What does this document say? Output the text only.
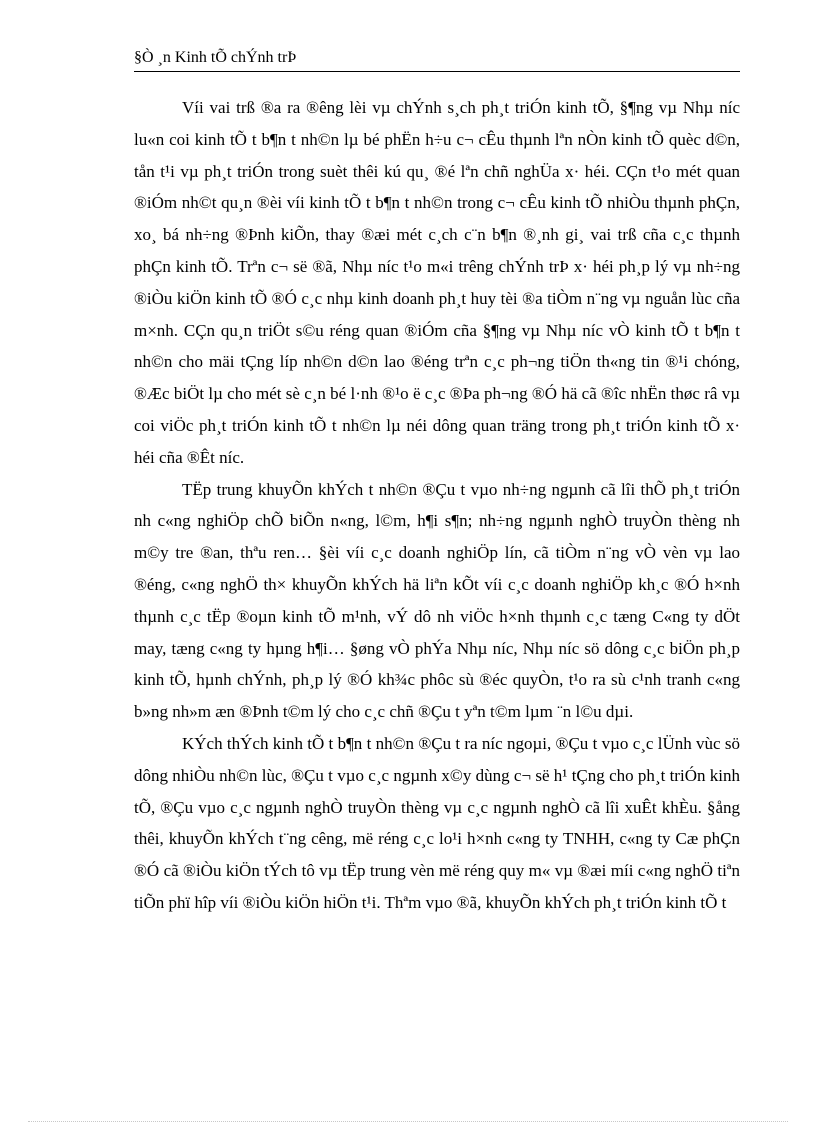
§Ò ¸n Kinh tÕ chÝnh trÞ

Víi vai trß ®a ra ®êng lèi vµ chÝnh s¸ch ph¸t triÓn kinh tÕ, §¶ng vµ Nhµ níc lu«n coi kinh tÕ t b¶n t nh©n lµ bé phËn h÷u c¬ cÊu thµnh lªn nÒn kinh tÕ quèc d©n, tån t¹i vµ ph¸t triÓn trong suèt thêi kú qu¸ ®é lªn chñ nghÜa x· héi. CÇn t¹o mét quan ®iÓm nh©t qu¸n ®èi víi kinh tÕ t b¶n t nh©n trong c¬ cÊu kinh tÕ nhiÒu thµnh phÇn, xo¸ bá nh÷ng ®Þnh kiÕn, thay ®æi mét c¸ch c¨n b¶n ®¸nh gi¸ vai trß cña c¸c thµnh phÇn kinh tÕ. Trªn c¬ së ®ã, Nhµ níc t¹o m«i trêng chÝnh trÞ x· héi ph¸p lý vµ nh÷ng ®iÒu kiÖn kinh tÕ ®Ó c¸c nhµ kinh doanh ph¸t huy tèi ®a tiÒm n¨ng vµ nguån lùc cña m×nh. CÇn qu¸n triÖt s©u réng quan ®iÓm cña §¶ng vµ Nhµ níc vÒ kinh tÕ t b¶n t nh©n cho mäi tÇng líp nh©n d©n lao ®éng trªn c¸c ph¬ng tiÖn th«ng tin ®¹i chóng, ®Æc biÖt lµ cho mét sè c¸n bé l·nh ®¹o ë c¸c ®Þa ph¬ng ®Ó hä cã ®îc nhËn thøc râ vµ coi viÖc ph¸t triÓn kinh tÕ t nh©n lµ néi dông quan träng trong ph¸t triÓn kinh tÕ x· héi cña ®Êt níc.

TËp trung khuyÕn khÝch t nh©n ®Çu t vµo nh÷ng ngµnh cã lîi thÕ ph¸t triÓn nh c«ng nghiÖp chÕ biÕn n«ng, l©m, h¶i s¶n; nh÷ng ngµnh nghÒ truyÒn thèng nh m©y tre ®an, thªu ren… §èi víi c¸c doanh nghiÖp lín, cã tiÒm n¨ng vÒ vèn vµ lao ®éng, c«ng nghÖ th× khuyÕn khÝch hä liªn kÕt víi c¸c doanh nghiÖp kh¸c ®Ó h×nh thµnh c¸c tËp ®oµn kinh tÕ m¹nh, vÝ dô nh viÖc h×nh thµnh c¸c tæng C«ng ty dÖt may, tæng c«ng ty hµng h¶i… §øng vÒ phÝa Nhµ níc, Nhµ níc sö dông c¸c biÖn ph¸p kinh tÕ, hµnh chÝnh, ph¸p lý ®Ó kh¾c phôc sù ®éc quyÒn, t¹o ra sù c¹nh tranh c«ng b»ng nh»m æn ®Þnh t©m lý cho c¸c chñ ®Çu t yªn t©m lµm ¨n l©u dµi.

KÝch thÝch kinh tÕ t b¶n t nh©n ®Çu t ra níc ngoµi, ®Çu t vµo c¸c lÜnh vùc sö dông nhiÒu nh©n lùc, ®Çu t vµo c¸c ngµnh x©y dùng c¬ së h¹ tÇng cho ph¸t triÓn kinh tÕ, ®Çu vµo c¸c ngµnh nghÒ truyÒn thèng vµ c¸c ngµnh nghÒ cã lîi xuÊt khÈu. §ång thêi, khuyÕn khÝch t¨ng cêng, më réng c¸c lo¹i h×nh c«ng ty TNHH, c«ng ty Cæ phÇn ®Ó cã ®iÒu kiÖn tÝch tô vµ tËp trung vèn më réng quy m« vµ ®æi míi c«ng nghÖ tiªn tiÕn phï hîp víi ®iÒu kiÖn hiÖn t¹i. Thªm vµo ®ã, khuyÕn khÝch ph¸t triÓn kinh tÕ t
